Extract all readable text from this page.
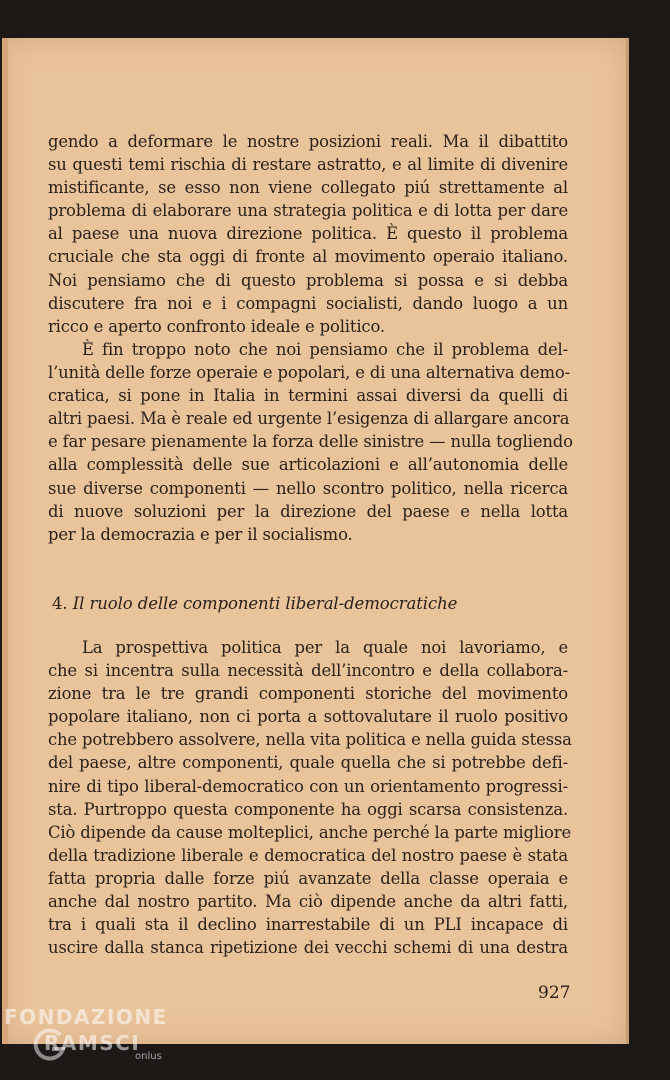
gendo a deformare le nostre posizioni reali. Ma il dibattito
su questi temi rischia di restare astratto, e al limite di divenire
mistificante, se esso non viene collegato piú strettamente al
problema di elaborare una strategia politica e di lotta per dare
al paese una nuova direzione politica. È questo il problema
cruciale che sta oggi di fronte al movimento operaio italiano.
Noi pensiamo che di questo problema si possa e si debba
discutere fra noi e i compagni socialisti, dando luogo a un
ricco e aperto confronto ideale e politico.
È fin troppo noto che noi pensiamo che il problema del-
l’unità delle forze operaie e popolari, e di una alternativa demo-
cratica, si pone in Italia in termini assai diversi da quelli di
altri paesi. Ma è reale ed urgente l’esigenza di allargare ancora
e far pesare pienamente la forza delle sinistre — nulla togliendo
alla complessità delle sue articolazioni e all’autonomia delle
sue diverse componenti — nello scontro politico, nella ricerca
di nuove soluzioni per la direzione del paese e nella lotta
per la democrazia e per il socialismo.
4. Il ruolo delle componenti liberal-democratiche
La prospettiva politica per la quale noi lavoriamo, e
che si incentra sulla necessità dell’incontro e della collabora-
zione tra le tre grandi componenti storiche del movimento
popolare italiano, non ci porta a sottovalutare il ruolo positivo
che potrebbero assolvere, nella vita politica e nella guida stessa
del paese, altre componenti, quale quella che si potrebbe defi-
nire di tipo liberal-democratico con un orientamento progressi-
sta. Purtroppo questa componente ha oggi scarsa consistenza.
Ciò dipende da cause molteplici, anche perché la parte migliore
della tradizione liberale e democratica del nostro paese è stata
fatta propria dalle forze piú avanzate della classe operaia e
anche dal nostro partito. Ma ciò dipende anche da altri fatti,
tra i quali sta il declino inarrestabile di un PLI incapace di
uscire dalla stanca ripetizione dei vecchi schemi di una destra
927
FONDAZIONE
RAMSCI
onlus
